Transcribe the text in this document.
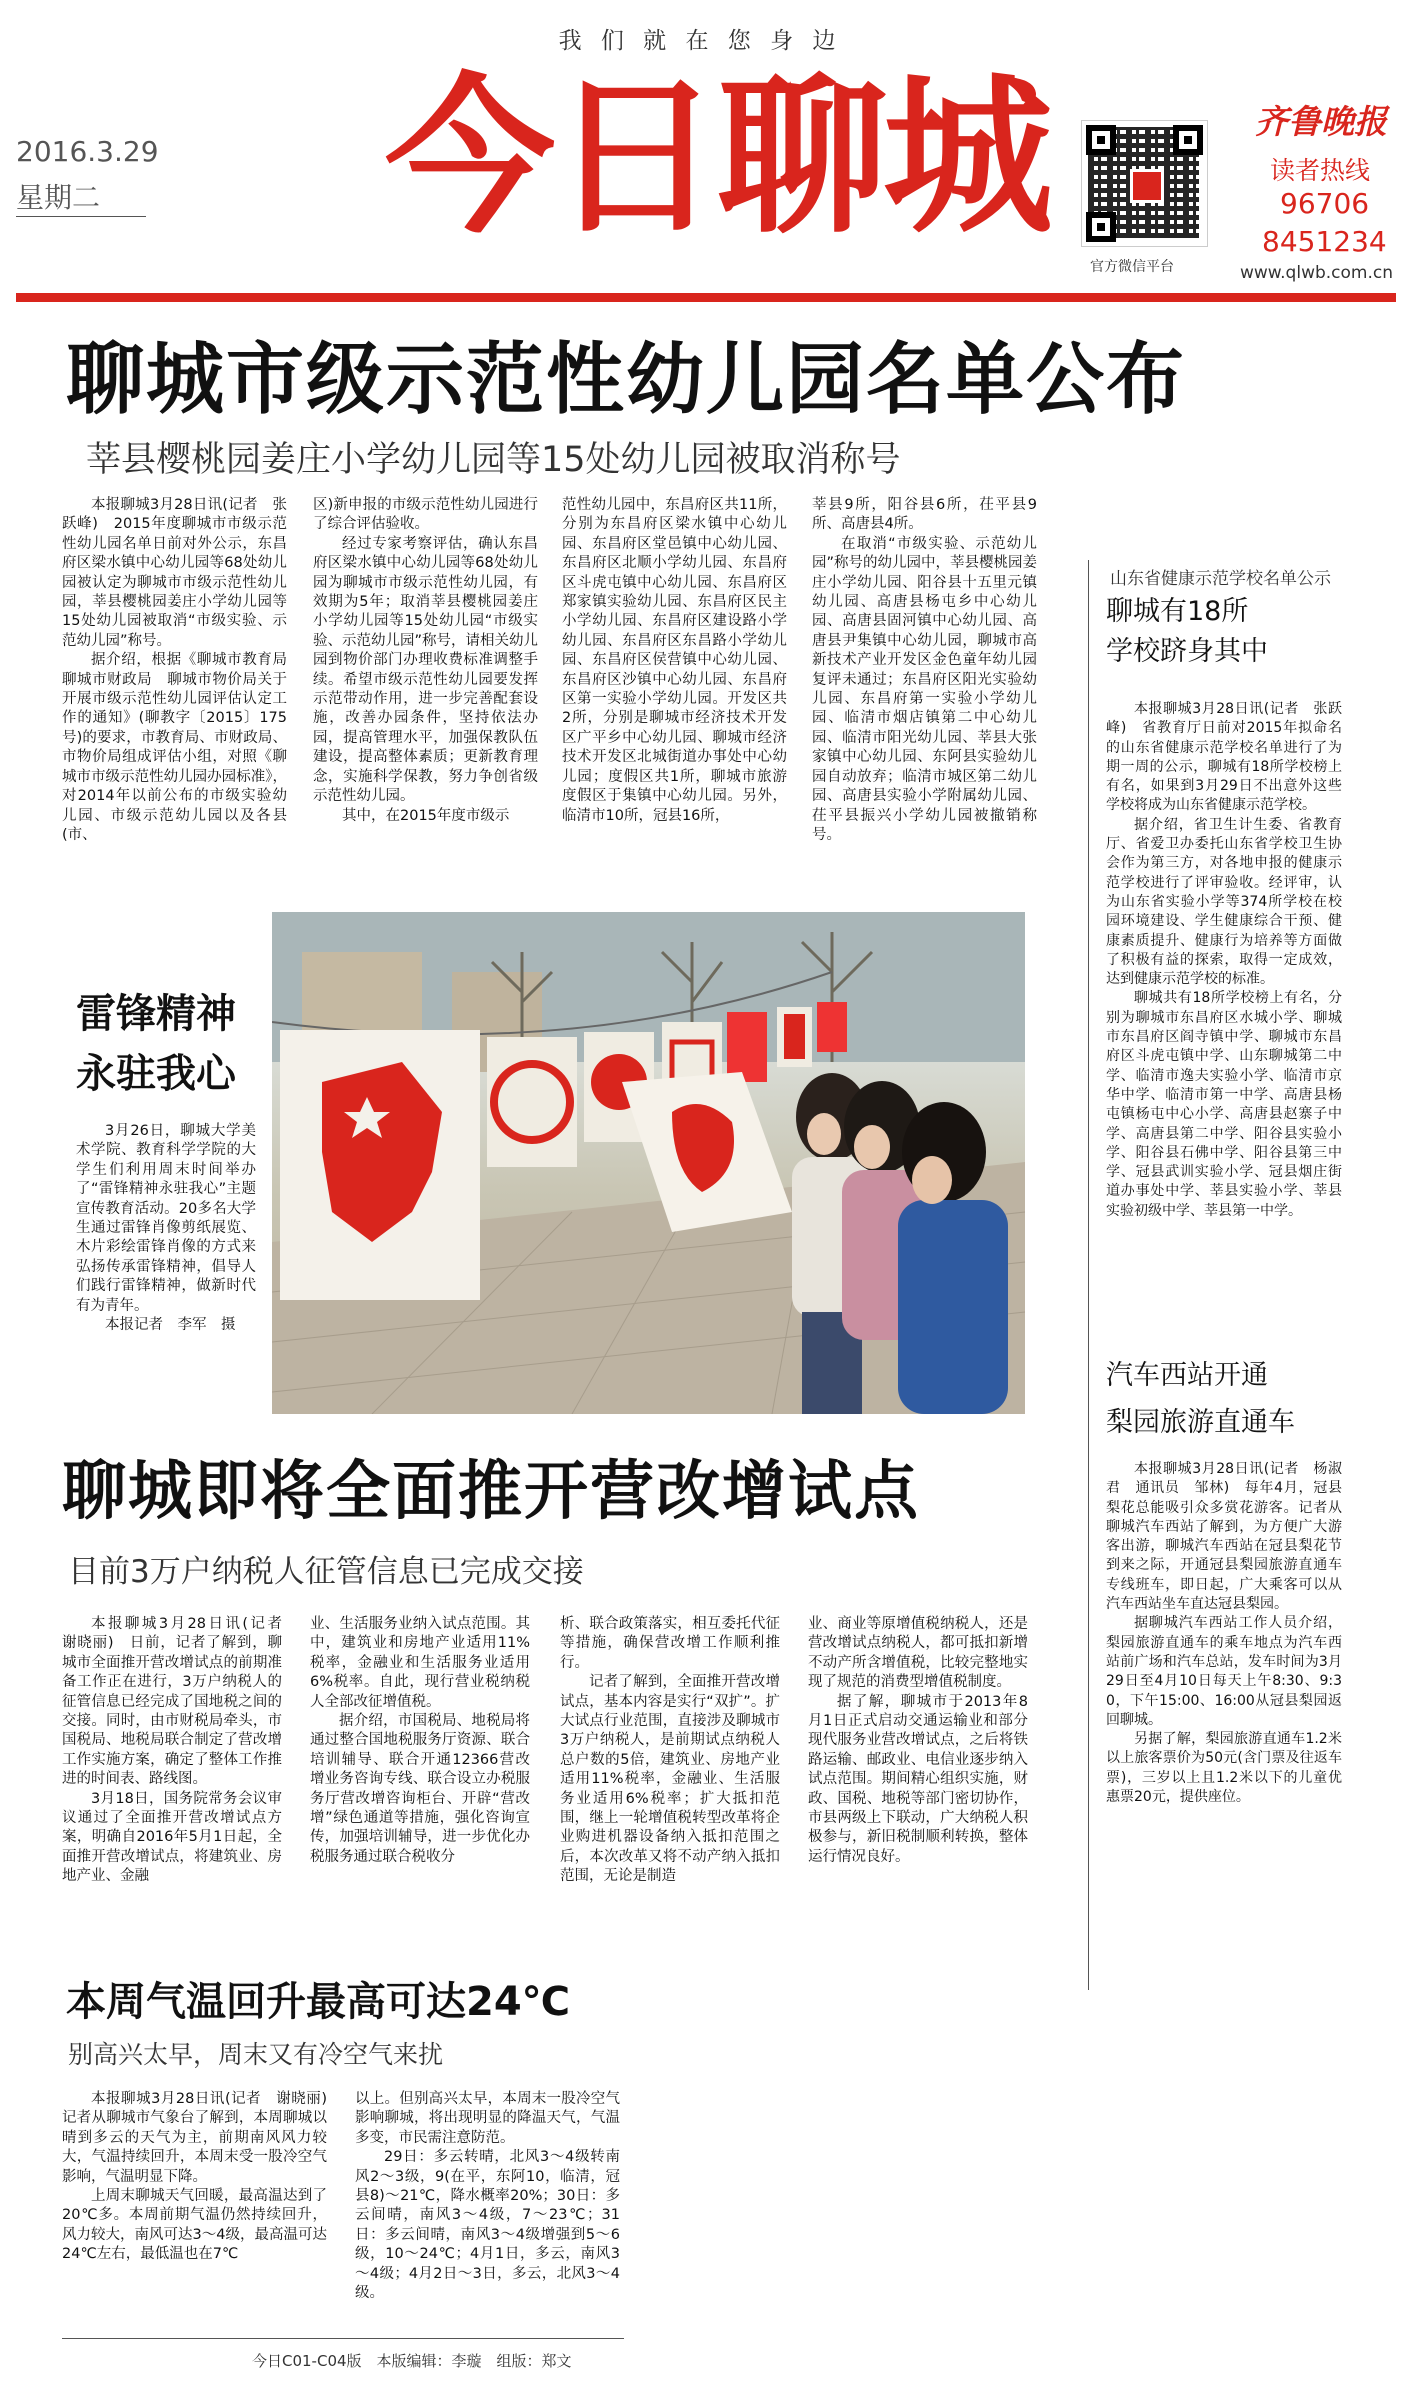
我 们 就 在 您 身 边
2016.3.29
星期二 今日聊城
官方微信平台
齐鲁晚报
读者热线
96706
8451234
www.qlwb.com.cn
聊城市级示范性幼儿园名单公布
莘县樱桃园姜庄小学幼儿园等15处幼儿园被取消称号

本报聊城3月28日讯(记者　张跃峰)　2015年度聊城市市级示范性幼儿园名单日前对外公示，东昌府区梁水镇中心幼儿园等68处幼儿园被认定为聊城市市级示范性幼儿园，莘县樱桃园姜庄小学幼儿园等15处幼儿园被取消“市级实验、示范幼儿园”称号。

据介绍，根据《聊城市教育局　聊城市财政局　聊城市物价局关于开展市级示范性幼儿园评估认定工作的通知》(聊教字〔2015〕175号)的要求，市教育局、市财政局、市物价局组成评估小组，对照《聊城市市级示范性幼儿园办园标准》，对2014年以前公布的市级实验幼儿园、市级示范幼儿园以及各县(市、

区)新申报的市级示范性幼儿园进行了综合评估验收。

经过专家考察评估，确认东昌府区梁水镇中心幼儿园等68处幼儿园为聊城市市级示范性幼儿园，有效期为5年；取消莘县樱桃园姜庄小学幼儿园等15处幼儿园“市级实验、示范幼儿园”称号，请相关幼儿园到物价部门办理收费标准调整手续。希望市级示范性幼儿园要发挥示范带动作用，进一步完善配套设施，改善办园条件，坚持依法办园，提高管理水平，加强保教队伍建设，提高整体素质；更新教育理念，实施科学保教，努力争创省级示范性幼儿园。

其中，在2015年度市级示

范性幼儿园中，东昌府区共11所，分别为东昌府区梁水镇中心幼儿园、东昌府区堂邑镇中心幼儿园、东昌府区北顺小学幼儿园、东昌府区斗虎屯镇中心幼儿园、东昌府区郑家镇实验幼儿园、东昌府区民主小学幼儿园、东昌府区建设路小学幼儿园、东昌府区东昌路小学幼儿园、东昌府区侯营镇中心幼儿园、东昌府区沙镇中心幼儿园、东昌府区第一实验小学幼儿园。开发区共2所，分别是聊城市经济技术开发区广平乡中心幼儿园、聊城市经济技术开发区北城街道办事处中心幼儿园；度假区共1所，聊城市旅游度假区于集镇中心幼儿园。另外，临清市10所，冠县16所，

莘县9所，阳谷县6所，茌平县9所、高唐县4所。

在取消“市级实验、示范幼儿园”称号的幼儿园中，莘县樱桃园姜庄小学幼儿园、阳谷县十五里元镇幼儿园、高唐县杨屯乡中心幼儿园、高唐县固河镇中心幼儿园、高唐县尹集镇中心幼儿园，聊城市高新技术产业开发区金色童年幼儿园复评未通过；东昌府区阳光实验幼儿园、东昌府第一实验小学幼儿园、临清市烟店镇第二中心幼儿园、临清市阳光幼儿园、莘县大张家镇中心幼儿园、东阿县实验幼儿园自动放弃；临清市城区第二幼儿园、高唐县实验小学附属幼儿园、茌平县振兴小学幼儿园被撤销称号。

雷锋精神
永驻我心

3月26日，聊城大学美术学院、教育科学学院的大学生们利用周末时间举办了“雷锋精神永驻我心”主题宣传教育活动。20多名大学生通过雷锋肖像剪纸展览、木片彩绘雷锋肖像的方式来弘扬传承雷锋精神，倡导人们践行雷锋精神，做新时代有为青年。

本报记者　李军　摄

聊城即将全面推开营改增试点
目前3万户纳税人征管信息已完成交接

本报聊城3月28日讯(记者　谢晓丽)　日前，记者了解到，聊城市全面推开营改增试点的前期准备工作正在进行，3万户纳税人的征管信息已经完成了国地税之间的交接。同时，由市财税局牵头，市国税局、地税局联合制定了营改增工作实施方案，确定了整体工作推进的时间表、路线图。

3月18日，国务院常务会议审议通过了全面推开营改增试点方案，明确自2016年5月1日起，全面推开营改增试点，将建筑业、房地产业、金融

业、生活服务业纳入试点范围。其中，建筑业和房地产业适用11%税率，金融业和生活服务业适用6%税率。自此，现行营业税纳税人全部改征增值税。

据介绍，市国税局、地税局将通过整合国地税服务厅资源、联合培训辅导、联合开通12366营改增业务咨询专线、联合设立办税服务厅营改增咨询柜台、开辟“营改增”绿色通道等措施，强化咨询宣传，加强培训辅导，进一步优化办税服务通过联合税收分

析、联合政策落实，相互委托代征等措施，确保营改增工作顺利推行。

记者了解到，全面推开营改增试点，基本内容是实行“双扩”。扩大试点行业范围，直接涉及聊城市3万户纳税人，是前期试点纳税人总户数的5倍，建筑业、房地产业适用11%税率，金融业、生活服务业适用6%税率；扩大抵扣范围，继上一轮增值税转型改革将企业购进机器设备纳入抵扣范围之后，本次改革又将不动产纳入抵扣范围，无论是制造

业、商业等原增值税纳税人，还是营改增试点纳税人，都可抵扣新增不动产所含增值税，比较完整地实现了规范的消费型增值税制度。

据了解，聊城市于2013年8月1日正式启动交通运输业和部分现代服务业营改增试点，之后将铁路运输、邮政业、电信业逐步纳入试点范围。期间精心组织实施，财政、国税、地税等部门密切协作，市县两级上下联动，广大纳税人积极参与，新旧税制顺利转换，整体运行情况良好。

本周气温回升最高可达24℃
别高兴太早，周末又有冷空气来扰

本报聊城3月28日讯(记者　谢晓丽)　记者从聊城市气象台了解到，本周聊城以晴到多云的天气为主，前期南风风力较大，气温持续回升，本周末受一股冷空气影响，气温明显下降。

上周末聊城天气回暖，最高温达到了20℃多。本周前期气温仍然持续回升，风力较大，南风可达3～4级，最高温可达24℃左右，最低温也在7℃

以上。但别高兴太早，本周末一股冷空气影响聊城，将出现明显的降温天气，气温多变，市民需注意防范。

29日：多云转晴，北风3～4级转南风2～3级，9(在平，东阿10，临清，冠县8)～21℃，降水概率20%；30日：多云间晴，南风3～4级，7～23℃；31日：多云间晴，南风3～4级增强到5～6级，10～24℃；4月1日，多云，南风3～4级；4月2日～3日，多云，北风3～4级。

今日C01-C04版　本版编辑：李璇　组版：郑文
山东省健康示范学校名单公示
聊城有18所
学校跻身其中

本报聊城3月28日讯(记者　张跃峰)　省教育厅日前对2015年拟命名的山东省健康示范学校名单进行了为期一周的公示，聊城有18所学校榜上有名，如果到3月29日不出意外这些学校将成为山东省健康示范学校。

据介绍，省卫生计生委、省教育厅、省爱卫办委托山东省学校卫生协会作为第三方，对各地申报的健康示范学校进行了评审验收。经评审，认为山东省实验小学等374所学校在校园环境建设、学生健康综合干预、健康素质提升、健康行为培养等方面做了积极有益的探索，取得一定成效，达到健康示范学校的标准。

聊城共有18所学校榜上有名，分别为聊城市东昌府区水城小学、聊城市东昌府区阎寺镇中学、聊城市东昌府区斗虎屯镇中学、山东聊城第二中学、临清市逸夫实验小学、临清市京华中学、临清市第一中学、高唐县杨屯镇杨屯中心小学、高唐县赵寨子中学、高唐县第二中学、阳谷县实验小学、阳谷县石佛中学、阳谷县第三中学、冠县武训实验小学、冠县烟庄街道办事处中学、莘县实验小学、莘县实验初级中学、莘县第一中学。

汽车西站开通
梨园旅游直通车

本报聊城3月28日讯(记者　杨淑君　通讯员　邹林)　每年4月，冠县梨花总能吸引众多赏花游客。记者从聊城汽车西站了解到，为方便广大游客出游，聊城汽车西站在冠县梨花节到来之际，开通冠县梨园旅游直通车专线班车，即日起，广大乘客可以从汽车西站坐车直达冠县梨园。

据聊城汽车西站工作人员介绍，梨园旅游直通车的乘车地点为汽车西站前广场和汽车总站，发车时间为3月29日至4月10日每天上午8:30、9:30，下午15:00、16:00从冠县梨园返回聊城。

另据了解，梨园旅游直通车1.2米以上旅客票价为50元(含门票及往返车票)，三岁以上且1.2米以下的儿童优惠票20元，提供座位。
